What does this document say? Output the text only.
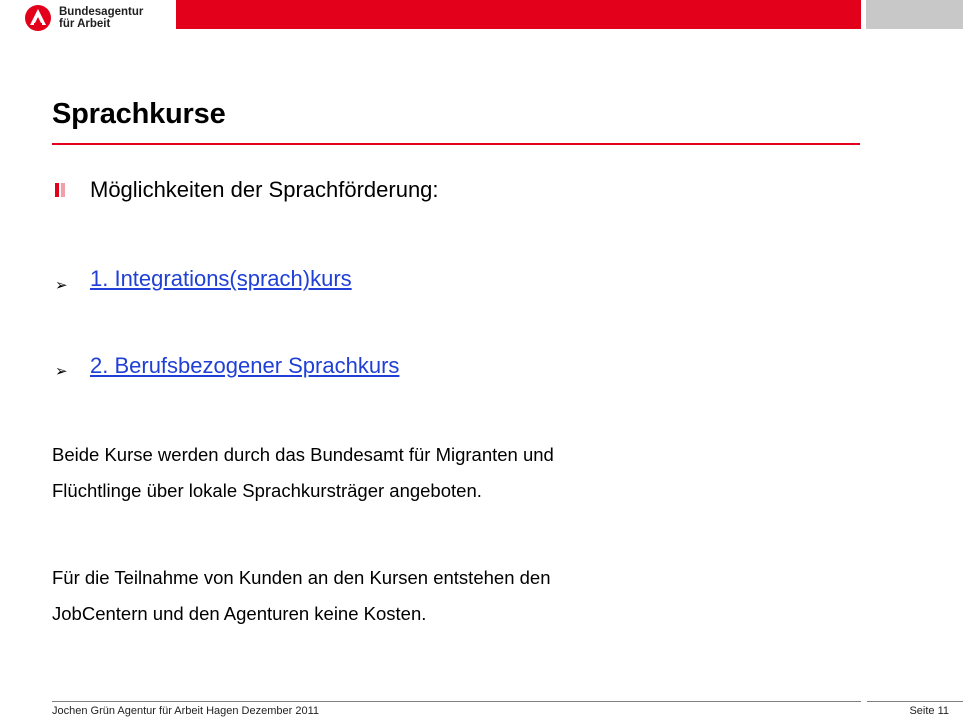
Bundesagentur
für Arbeit
Sprachkurse
Möglichkeiten der Sprachförderung:
➢ 1. Integrations(sprach)kurs
➢ 2. Berufsbezogener Sprachkurs
Beide Kurse werden durch das Bundesamt für Migranten und
Flüchtlinge über lokale Sprachkursträger angeboten.
Für die Teilnahme von Kunden an den Kursen entstehen den
JobCentern und den Agenturen keine Kosten.
Jochen Grün Agentur für Arbeit Hagen Dezember 2011	Seite 11
